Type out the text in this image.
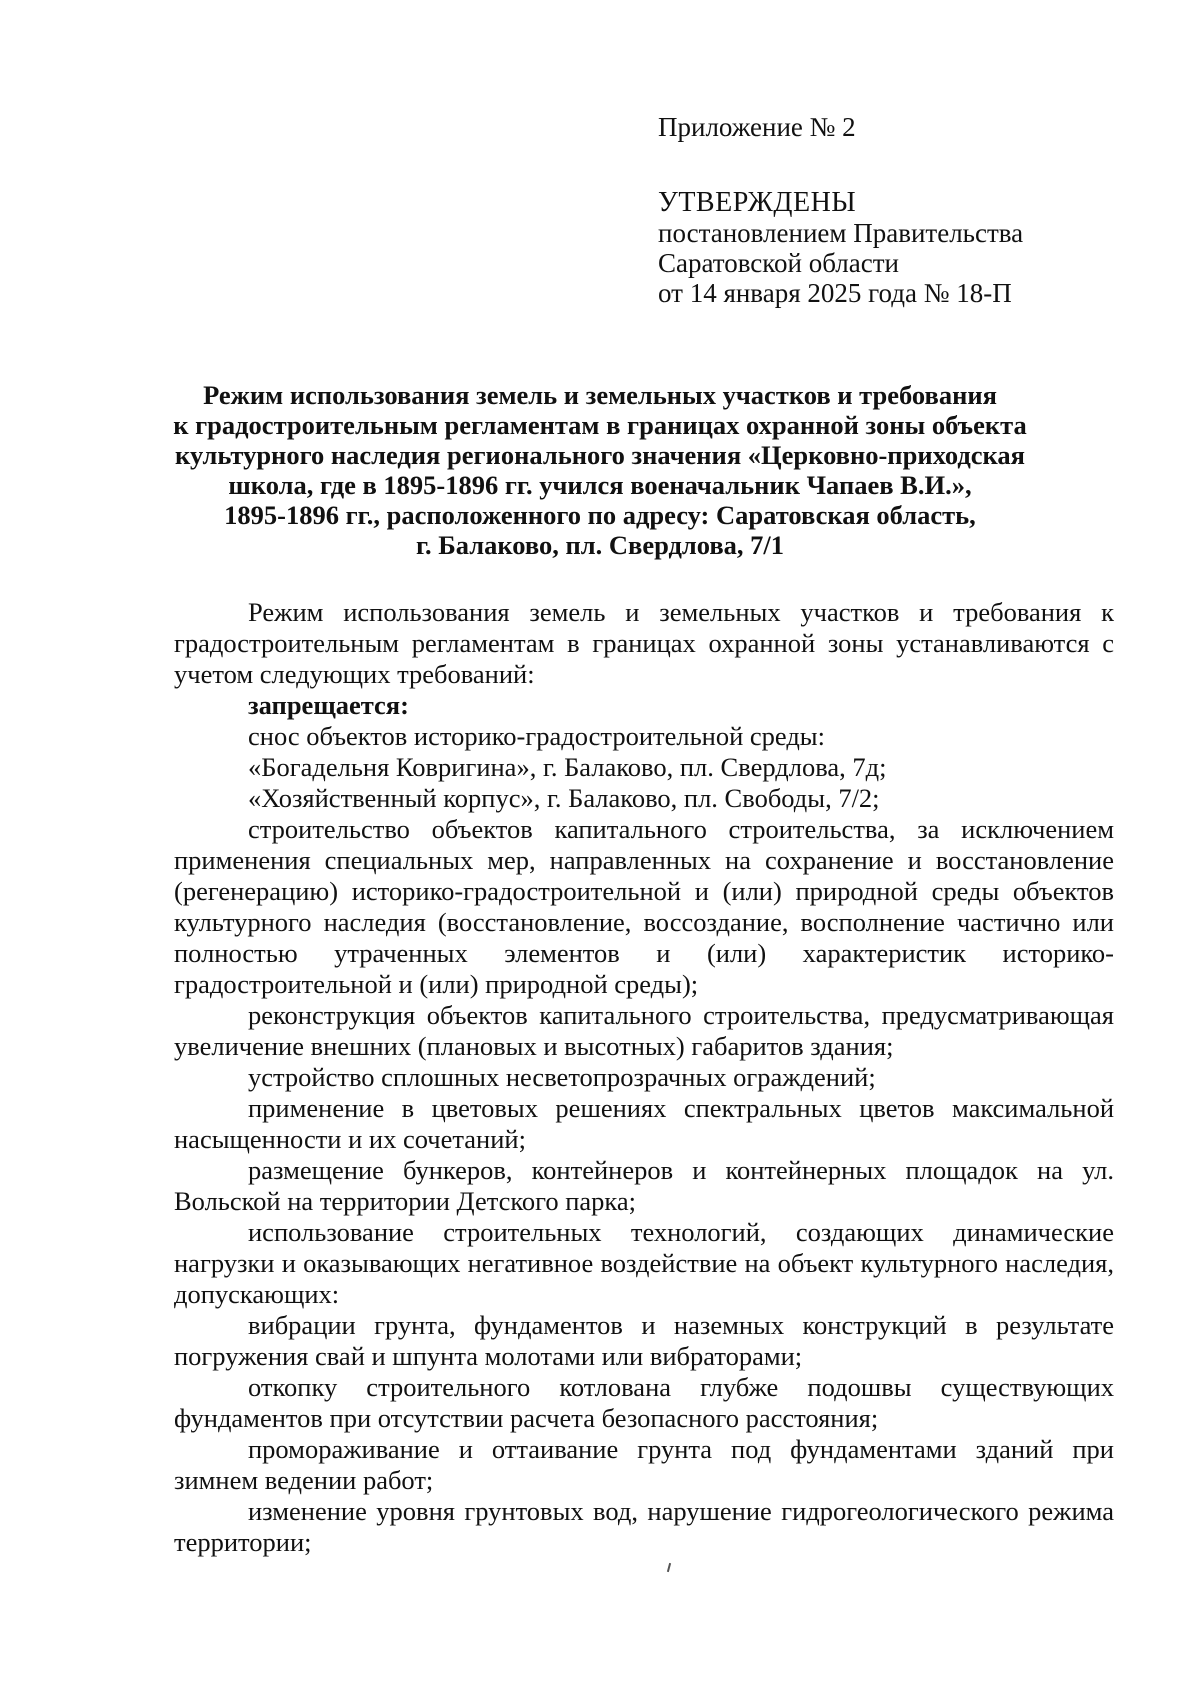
Приложение № 2
УТВЕРЖДЕНЫ
постановлением Правительства
Саратовской области
от 14 января 2025 года № 18-П
Режим использования земель и земельных участков и требования
к градостроительным регламентам в границах охранной зоны объекта
культурного наследия регионального значения «Церковно-приходская
школа, где в 1895-1896 гг. учился военачальник Чапаев В.И.»,
1895-1896 гг., расположенного по адресу: Саратовская область,
г. Балаково, пл. Свердлова, 7/1

Режим использования земель и земельных участков и требования к градостроительным регламентам в границах охранной зоны устанавливаются с учетом следующих требований:

запрещается:

снос объектов историко-градостроительной среды:

«Богадельня Ковригина», г. Балаково, пл. Свердлова, 7д;

«Хозяйственный корпус», г. Балаково, пл. Свободы, 7/2;

строительство объектов капитального строительства, за исключением применения специальных мер, направленных на сохранение и восстановление (регенерацию) историко-градостроительной и (или) природной среды объектов культурного наследия (восстановление, воссоздание, восполнение частично или полностью утраченных элементов и (или) характеристик историко-градостроительной и (или) природной среды);

реконструкция объектов капитального строительства, предусматривающая увеличение внешних (плановых и высотных) габаритов здания;

устройство сплошных несветопрозрачных ограждений;

применение в цветовых решениях спектральных цветов максимальной насыщенности и их сочетаний;

размещение бункеров, контейнеров и контейнерных площадок на ул. Вольской на территории Детского парка;

использование строительных технологий, создающих динамические нагрузки и оказывающих негативное воздействие на объект культурного наследия, допускающих:

вибрации грунта, фундаментов и наземных конструкций в результате погружения свай и шпунта молотами или вибраторами;

откопку строительного котлована глубже подошвы существующих фундаментов при отсутствии расчета безопасного расстояния;

промораживание и оттаивание грунта под фундаментами зданий при зимнем ведении работ;

изменение уровня грунтовых вод, нарушение гидрогеологического режима территории;
